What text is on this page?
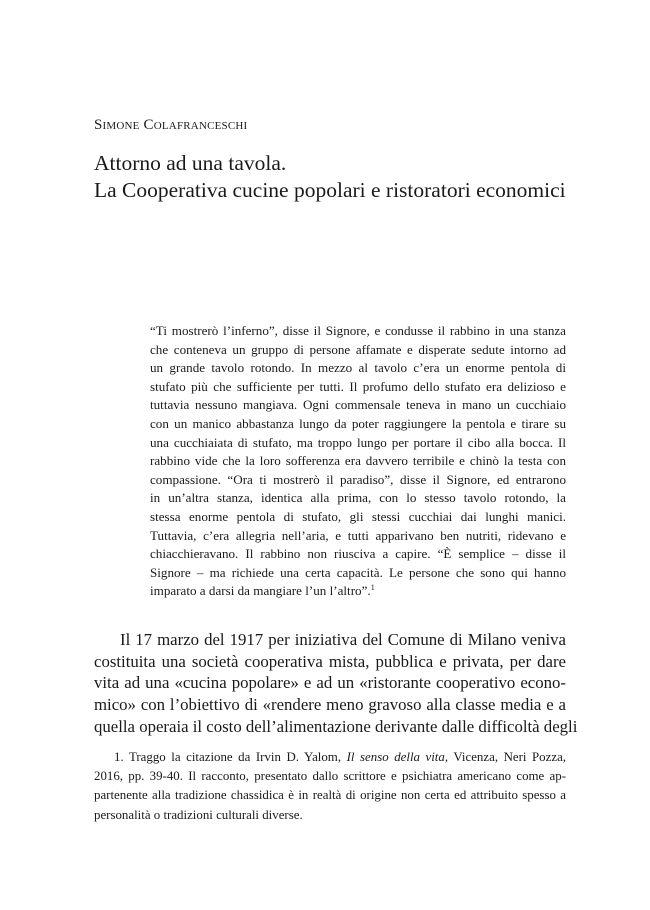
Simone Colafranceschi
Attorno ad una tavola.
La Cooperativa cucine popolari e ristoratori economici
“Ti mostrerò l’inferno”, disse il Signore, e condusse il rabbino in una stanza
che conteneva un gruppo di persone affamate e disperate sedute intorno ad
un grande tavolo rotondo. In mezzo al tavolo c’era un enorme pentola di
stufato più che sufficiente per tutti. Il profumo dello stufato era delizioso e
tuttavia nessuno mangiava. Ogni commensale teneva in mano un cucchiaio
con un manico abbastanza lungo da poter raggiungere la pentola e tirare su
una cucchiaiata di stufato, ma troppo lungo per portare il cibo alla bocca. Il
rabbino vide che la loro sofferenza era davvero terribile e chinò la testa con
compassione. “Ora ti mostrerò il paradiso”, disse il Signore, ed entrarono
in un’altra stanza, identica alla prima, con lo stesso tavolo rotondo, la
stessa enorme pentola di stufato, gli stessi cucchiai dai lunghi manici.
Tuttavia, c’era allegria nell’aria, e tutti apparivano ben nutriti, ridevano e
chiacchieravano. Il rabbino non riusciva a capire. “È semplice – disse il
Signore – ma richiede una certa capacità. Le persone che sono qui hanno
imparato a darsi da mangiare l’un l’altro”.$^1$
Il 17 marzo del 1917 per iniziativa del Comune di Milano veniva
costituita una società cooperativa mista, pubblica e privata, per dare
vita ad una «cucina popolare» e ad un «ristorante cooperativo econo-
mico» con l’obiettivo di «rendere meno gravoso alla classe media e a
quella operaia il costo dell’alimentazione derivante dalle difficoltà degli
1. Traggo la citazione da Irvin D. Yalom, Il senso della vita, Vicenza, Neri Pozza,
2016, pp. 39-40. Il racconto, presentato dallo scrittore e psichiatra americano come ap-
partenente alla tradizione chassidica è in realtà di origine non certa ed attribuito spesso a
personalità o tradizioni culturali diverse.
